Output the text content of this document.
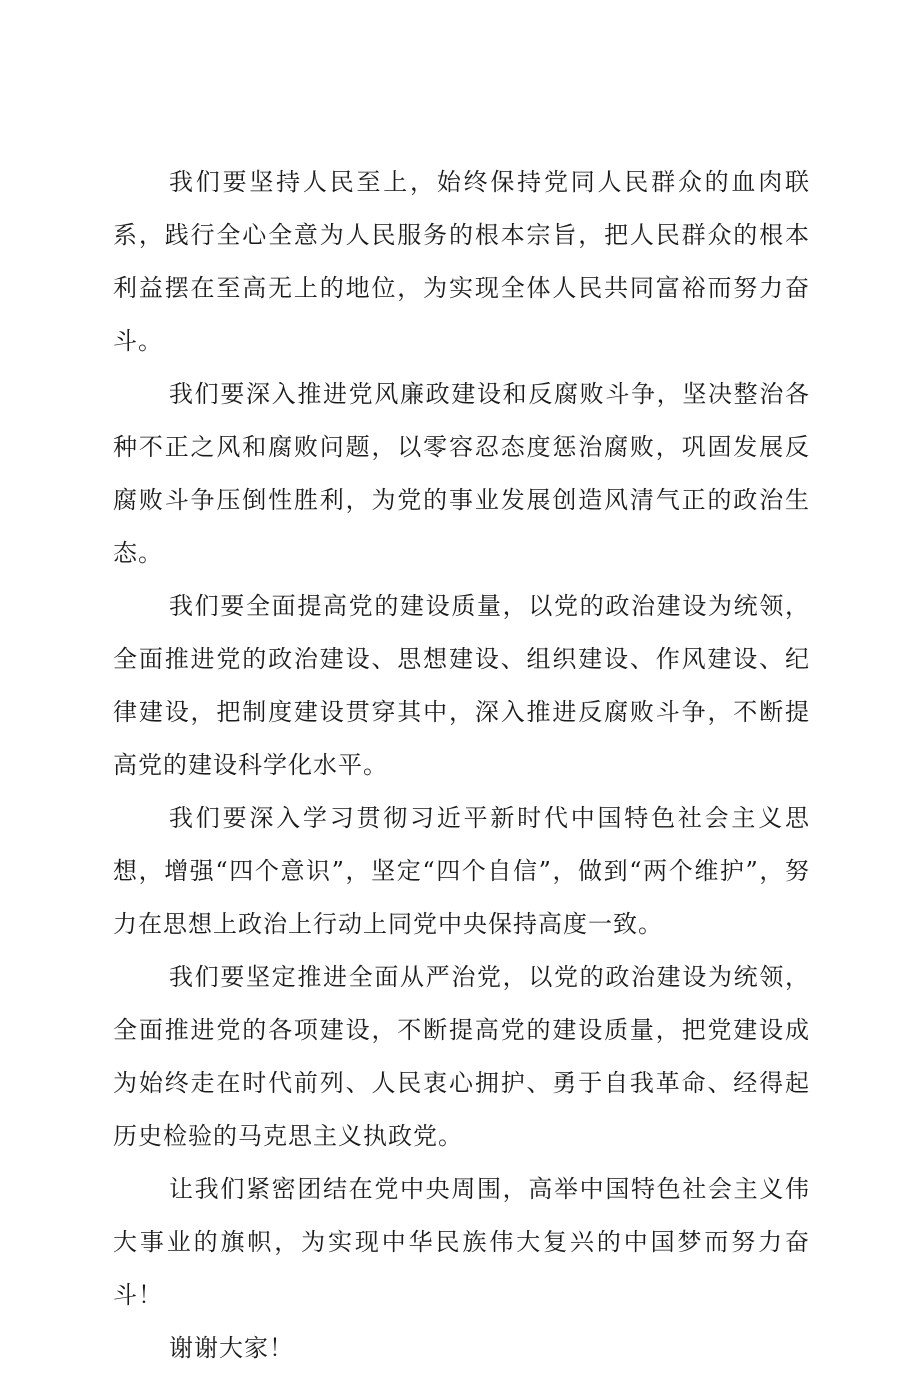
我们要坚持人民至上，始终保持党同人民群众的血肉联系，践行全心全意为人民服务的根本宗旨，把人民群众的根本利益摆在至高无上的地位，为实现全体人民共同富裕而努力奋斗。

我们要深入推进党风廉政建设和反腐败斗争，坚决整治各种不正之风和腐败问题，以零容忍态度惩治腐败，巩固发展反腐败斗争压倒性胜利，为党的事业发展创造风清气正的政治生态。

我们要全面提高党的建设质量，以党的政治建设为统领，全面推进党的政治建设、思想建设、组织建设、作风建设、纪律建设，把制度建设贯穿其中，深入推进反腐败斗争，不断提高党的建设科学化水平。

我们要深入学习贯彻习近平新时代中国特色社会主义思想，增强“四个意识”，坚定“四个自信”，做到“两个维护”，努力在思想上政治上行动上同党中央保持高度一致。

我们要坚定推进全面从严治党，以党的政治建设为统领，全面推进党的各项建设，不断提高党的建设质量，把党建设成为始终走在时代前列、人民衷心拥护、勇于自我革命、经得起历史检验的马克思主义执政党。

让我们紧密团结在党中央周围，高举中国特色社会主义伟大事业的旗帜，为实现中华民族伟大复兴的中国梦而努力奋斗！

谢谢大家！
